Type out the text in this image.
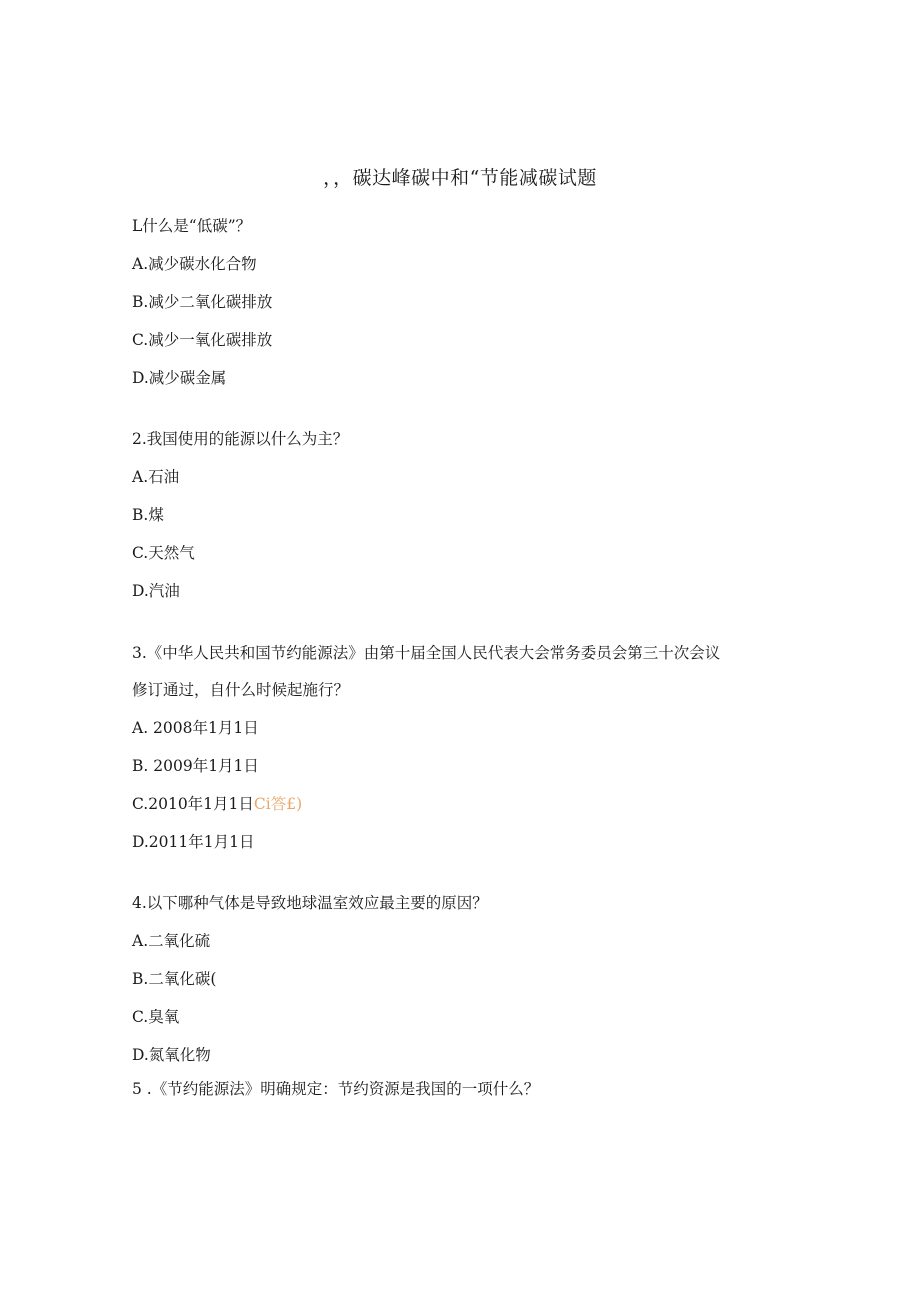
，，碳达峰碳中和“节能减碳试题
L什么是“低碳”？
A.减少碳水化合物
B.减少二氧化碳排放
C.减少一氧化碳排放
D.减少碳金属
2.我国使用的能源以什么为主？
A.石油
B.煤
C.天然气
D.汽油
3.《中华人民共和国节约能源法》由第十届全国人民代表大会常务委员会第三十次会议
修订通过，自什么时候起施行？
A. 2008年1月1日
B. 2009年1月1日
C.2010年1月1日Ci答£)
D.2011年1月1日
4.以下哪种气体是导致地球温室效应最主要的原因？
A.二氧化硫
B.二氧化碳(
C.臭氧
D.氮氧化物
5 .《节约能源法》明确规定：节约资源是我国的一项什么？
